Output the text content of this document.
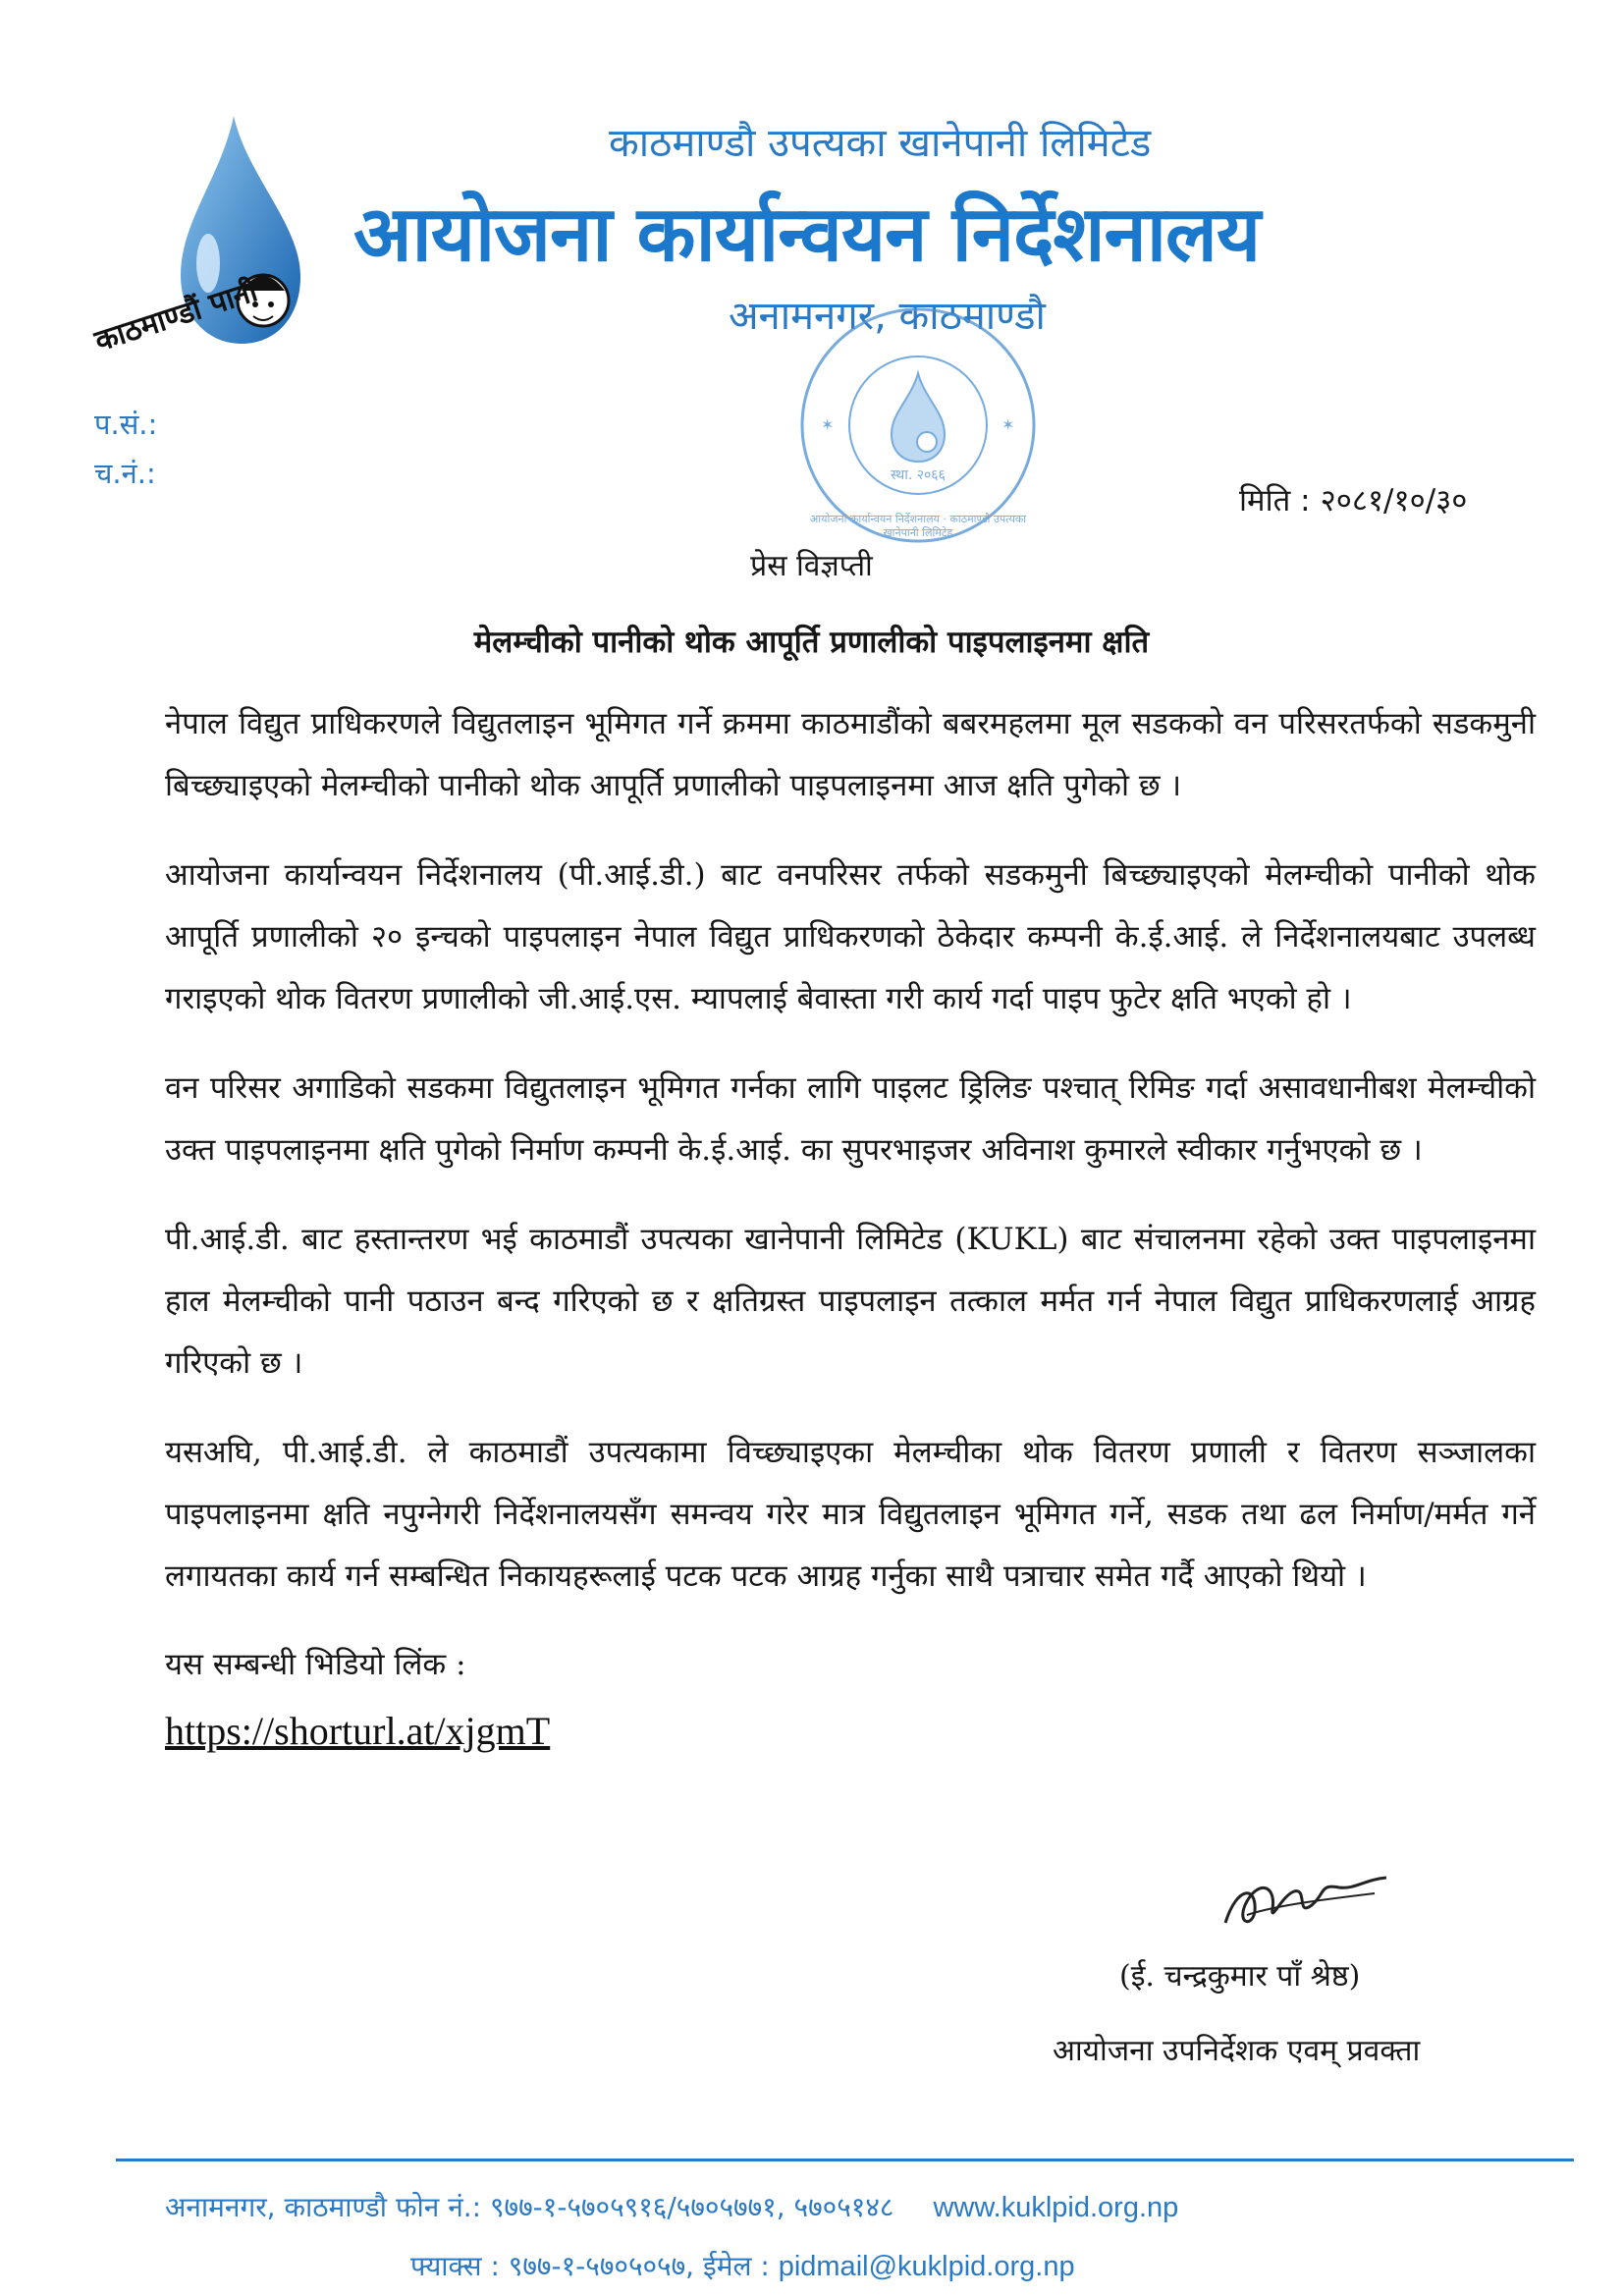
काठमाण्डौं पानी
काठमाण्डौ उपत्यका खानेपानी लिमिटेड
आयोजना कार्यान्वयन निर्देशनालय
अनामनगर, काठमाण्डौ
स्था. २०६६
✶	✶
आयोजना कार्यान्वयन निर्देशनालय · काठमाण्डौ उपत्यका खानेपानी लिमिटेड
प.सं.:
च.नं.:
मिति : २०८१/१०/३०
प्रेस विज्ञप्ती
मेलम्चीको पानीको थोक आपूर्ति प्रणालीको पाइपलाइनमा क्षति

नेपाल विद्युत प्राधिकरणले विद्युतलाइन भूमिगत गर्ने क्रममा काठमाडौंको बबरमहलमा मूल सडकको वन परिसरतर्फको सडकमुनी बिच्छ्याइएको मेलम्चीको पानीको थोक आपूर्ति प्रणालीको पाइपलाइनमा आज क्षति पुगेको छ ।

आयोजना कार्यान्वयन निर्देशनालय (पी.आई.डी.) बाट वनपरिसर तर्फको सडकमुनी बिच्छ्याइएको मेलम्चीको पानीको थोक आपूर्ति प्रणालीको २० इन्चको पाइपलाइन नेपाल विद्युत प्राधिकरणको ठेकेदार कम्पनी के.ई.आई. ले निर्देशनालयबाट उपलब्ध गराइएको थोक वितरण प्रणालीको जी.आई.एस. म्यापलाई बेवास्ता गरी कार्य गर्दा पाइप फुटेर क्षति भएको हो ।

वन परिसर अगाडिको सडकमा विद्युतलाइन भूमिगत गर्नका लागि पाइलट ड्रिलिङ पश्चात् रिमिङ गर्दा असावधानीबश मेलम्चीको उक्त पाइपलाइनमा क्षति पुगेको निर्माण कम्पनी के.ई.आई. का सुपरभाइजर अविनाश कुमारले स्वीकार गर्नुभएको छ ।

पी.आई.डी. बाट हस्तान्तरण भई काठमाडौं उपत्यका खानेपानी लिमिटेड (KUKL) बाट संचालनमा रहेको उक्त पाइपलाइनमा हाल मेलम्चीको पानी पठाउन बन्द गरिएको छ र क्षतिग्रस्त पाइपलाइन तत्काल मर्मत गर्न नेपाल विद्युत प्राधिकरणलाई आग्रह गरिएको छ ।

यसअघि, पी.आई.डी. ले काठमाडौं उपत्यकामा विच्छ्याइएका मेलम्चीका थोक वितरण प्रणाली र वितरण सञ्जालका पाइपलाइनमा क्षति नपुग्नेगरी निर्देशनालयसँग समन्वय गरेर मात्र विद्युतलाइन भूमिगत गर्ने, सडक तथा ढल निर्माण/मर्मत गर्ने लगायतका कार्य गर्न सम्बन्धित निकायहरूलाई पटक पटक आग्रह गर्नुका साथै पत्राचार समेत गर्दै आएको थियो ।

यस सम्बन्धी भिडियो लिंक :
https://shorturl.at/xjgmT
(ई. चन्द्रकुमार पाँ श्रेष्ठ)
आयोजना उपनिर्देशक एवम् प्रवक्ता
अनामनगर, काठमाण्डौ फोन नं.: ९७७-१-५७०५९१६/५७०५७७१, ५७०५१४८ www.kuklpid.org.np
फ्याक्स : ९७७-१-५७०५०५७, ईमेल : pidmail@kuklpid.org.np
